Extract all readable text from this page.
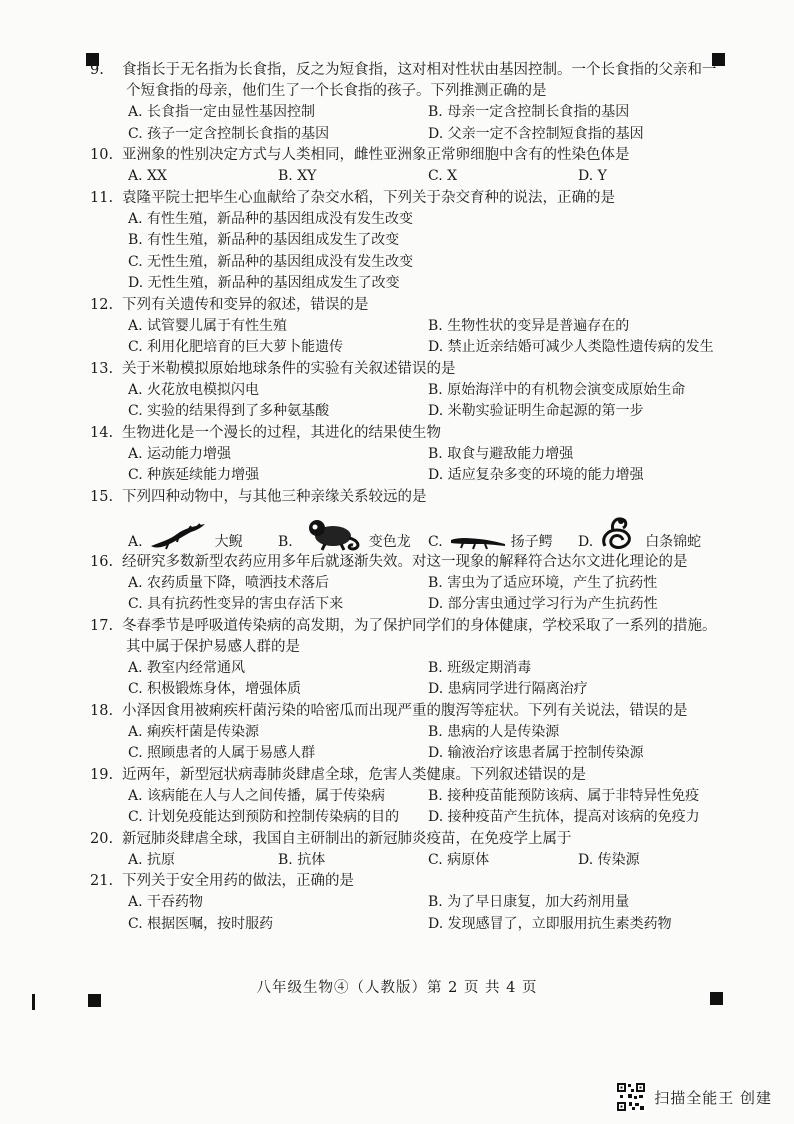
9. 食指长于无名指为长食指，反之为短食指，这对相对性状由基因控制。一个长食指的父亲和一个短食指的母亲，他们生了一个长食指的孩子。下列推测正确的是
A. 长食指一定由显性基因控制	B. 母亲一定含控制长食指的基因
C. 孩子一定含控制长食指的基因	D. 父亲一定不含控制短食指的基因
10. 亚洲象的性别决定方式与人类相同，雌性亚洲象正常卵细胞中含有的性染色体是
A. XX	B. XY	C. X	D. Y
11. 袁隆平院士把毕生心血献给了杂交水稻，下列关于杂交育种的说法，正确的是
A. 有性生殖，新品种的基因组成没有发生改变
B. 有性生殖，新品种的基因组成发生了改变
C. 无性生殖，新品种的基因组成没有发生改变
D. 无性生殖，新品种的基因组成发生了改变
12. 下列有关遗传和变异的叙述，错误的是
A. 试管婴儿属于有性生殖	B. 生物性状的变异是普遍存在的
C. 利用化肥培育的巨大萝卜能遗传	D. 禁止近亲结婚可减少人类隐性遗传病的发生
13. 关于米勒模拟原始地球条件的实验有关叙述错误的是
A. 火花放电模拟闪电	B. 原始海洋中的有机物会演变成原始生命
C. 实验的结果得到了多种氨基酸	D. 米勒实验证明生命起源的第一步
14. 生物进化是一个漫长的过程，其进化的结果使生物
A. 运动能力增强	B. 取食与避敌能力增强
C. 种族延续能力增强	D. 适应复杂多变的环境的能力增强
15. 下列四种动物中，与其他三种亲缘关系较远的是
A.	大鲵	B.	变色龙 C.	扬子鳄 D.	白条锦蛇
16. 经研究多数新型农药应用多年后就逐渐失效。对这一现象的解释符合达尔文进化理论的是
A. 农药质量下降，喷洒技术落后	B. 害虫为了适应环境，产生了抗药性
C. 具有抗药性变异的害虫存活下来	D. 部分害虫通过学习行为产生抗药性
17. 冬春季节是呼吸道传染病的高发期，为了保护同学们的身体健康，学校采取了一系列的措施。其中属于保护易感人群的是
A. 教室内经常通风	B. 班级定期消毒
C. 积极锻炼身体，增强体质	D. 患病同学进行隔离治疗
18. 小泽因食用被痢疾杆菌污染的哈密瓜而出现严重的腹泻等症状。下列有关说法，错误的是
A. 痢疾杆菌是传染源	B. 患病的人是传染源
C. 照顾患者的人属于易感人群	D. 输液治疗该患者属于控制传染源
19. 近两年，新型冠状病毒肺炎肆虐全球，危害人类健康。下列叙述错误的是
A. 该病能在人与人之间传播，属于传染病	B. 接种疫苗能预防该病、属于非特异性免疫
C. 计划免疫能达到预防和控制传染病的目的	D. 接种疫苗产生抗体，提高对该病的免疫力
20. 新冠肺炎肆虐全球，我国自主研制出的新冠肺炎疫苗，在免疫学上属于
A. 抗原	B. 抗体	C. 病原体	D. 传染源
21. 下列关于安全用药的做法，正确的是
A. 干吞药物	B. 为了早日康复，加大药剂用量
C. 根据医嘱，按时服药	D. 发现感冒了，立即服用抗生素类药物
八年级生物④（人教版）第 2 页 共 4 页
扫描全能王 创建
